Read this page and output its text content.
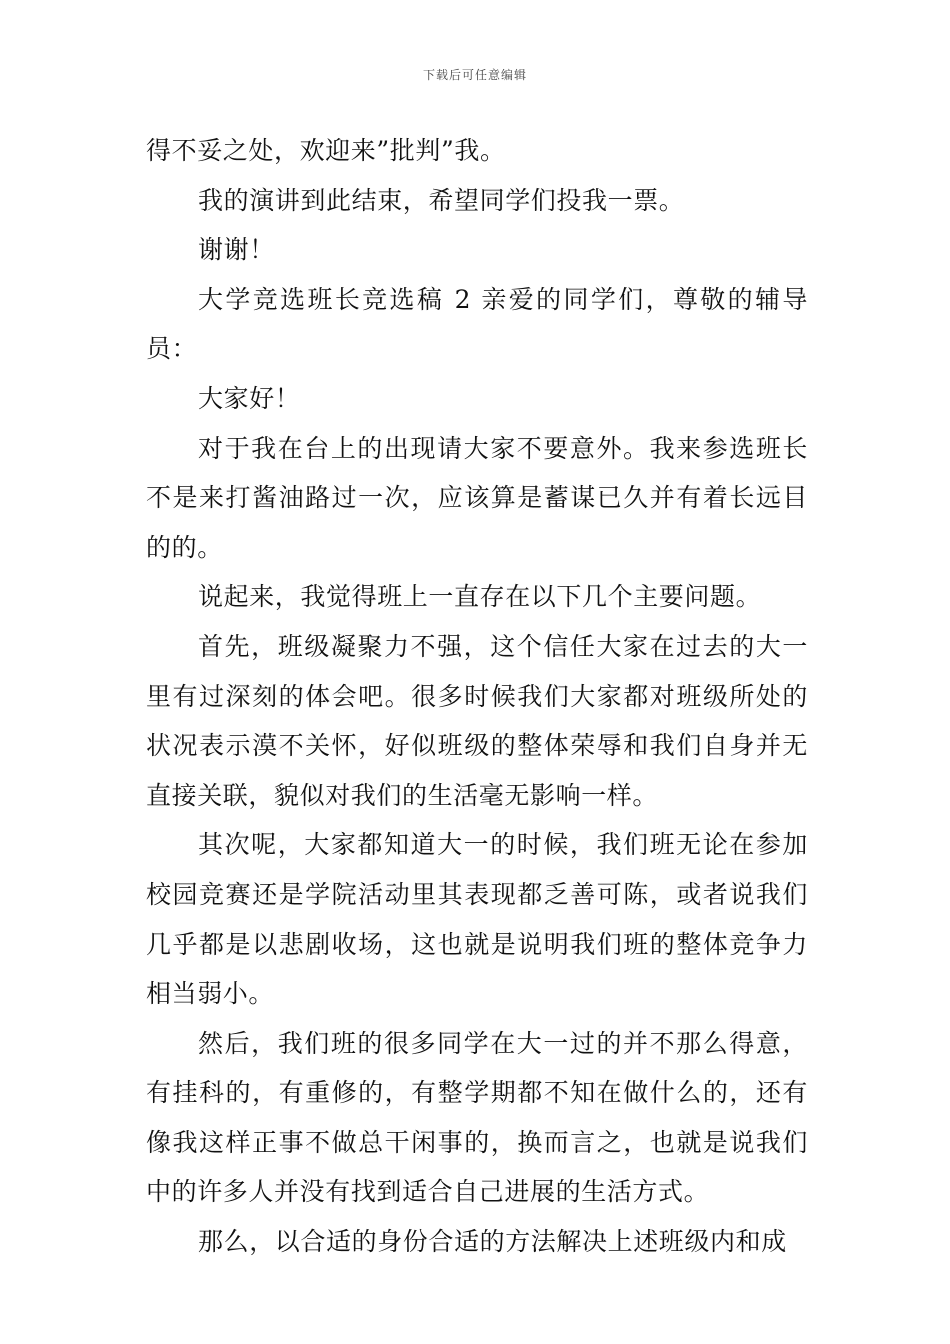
下载后可任意编辑

得不妥之处，欢迎来”批判”我。

我的演讲到此结束，希望同学们投我一票。

谢谢！

大学竞选班长竞选稿 2 亲爱的同学们，尊敬的辅导员：

大家好！

对于我在台上的出现请大家不要意外。我来参选班长不是来打酱油路过一次，应该算是蓄谋已久并有着长远目的的。

说起来，我觉得班上一直存在以下几个主要问题。

首先，班级凝聚力不强，这个信任大家在过去的大一里有过深刻的体会吧。很多时候我们大家都对班级所处的状况表示漠不关怀，好似班级的整体荣辱和我们自身并无直接关联，貌似对我们的生活毫无影响一样。

其次呢，大家都知道大一的时候，我们班无论在参加校园竞赛还是学院活动里其表现都乏善可陈，或者说我们几乎都是以悲剧收场，这也就是说明我们班的整体竞争力相当弱小。

然后，我们班的很多同学在大一过的并不那么得意，有挂科的，有重修的，有整学期都不知在做什么的，还有像我这样正事不做总干闲事的，换而言之，也就是说我们中的许多人并没有找到适合自己进展的生活方式。

那么，以合适的身份合适的方法解决上述班级内和成
